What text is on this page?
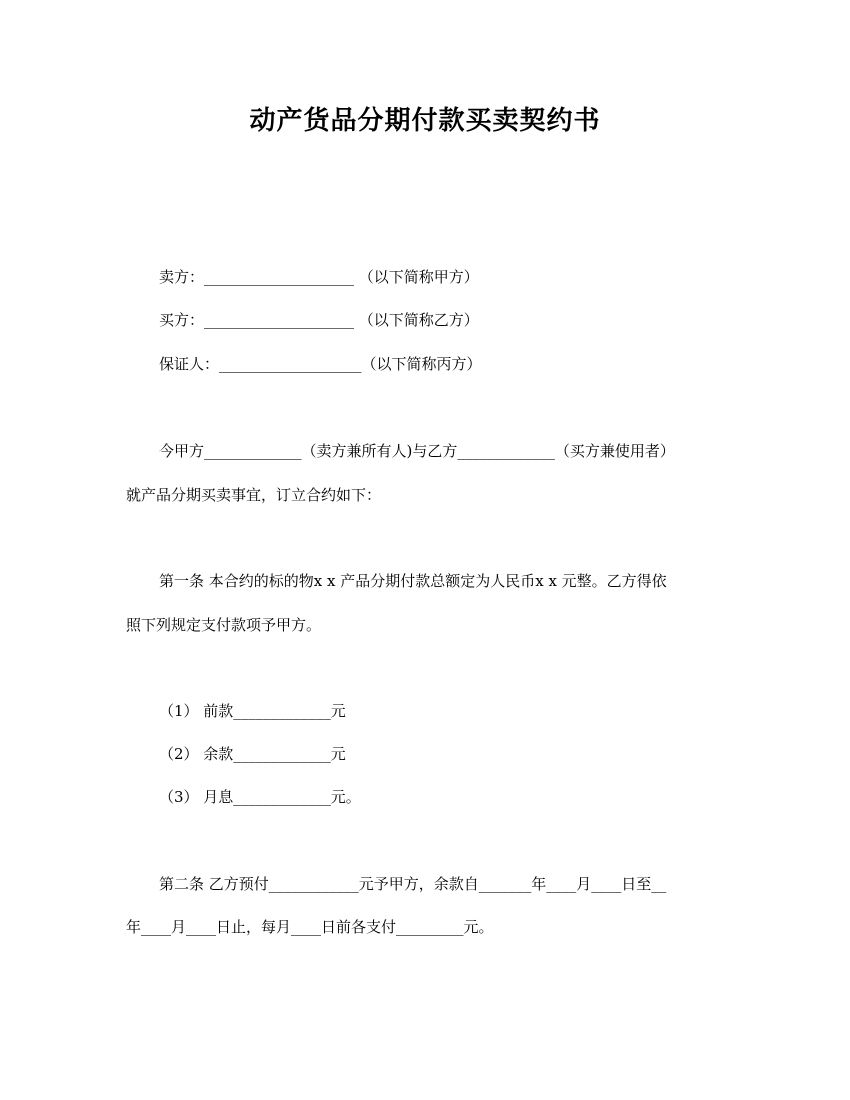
动产货品分期付款买卖契约书
卖方：____________________ （以下简称甲方）
买方：____________________ （以下简称乙方）
保证人：___________________（以下简称丙方）
今甲方_____________（卖方兼所有人)与乙方_____________（买方兼使用者）
就产品分期买卖事宜，订立合约如下：
第一条 本合约的标的物x x 产品分期付款总额定为人民币x x 元整。乙方得依
照下列规定支付款项予甲方。
（1） 前款_____________元
（2） 余款_____________元
（3） 月息_____________元。
第二条 乙方预付____________元予甲方，余款自_______年____月____日至__
年____月____日止，每月____日前各支付_________元。
